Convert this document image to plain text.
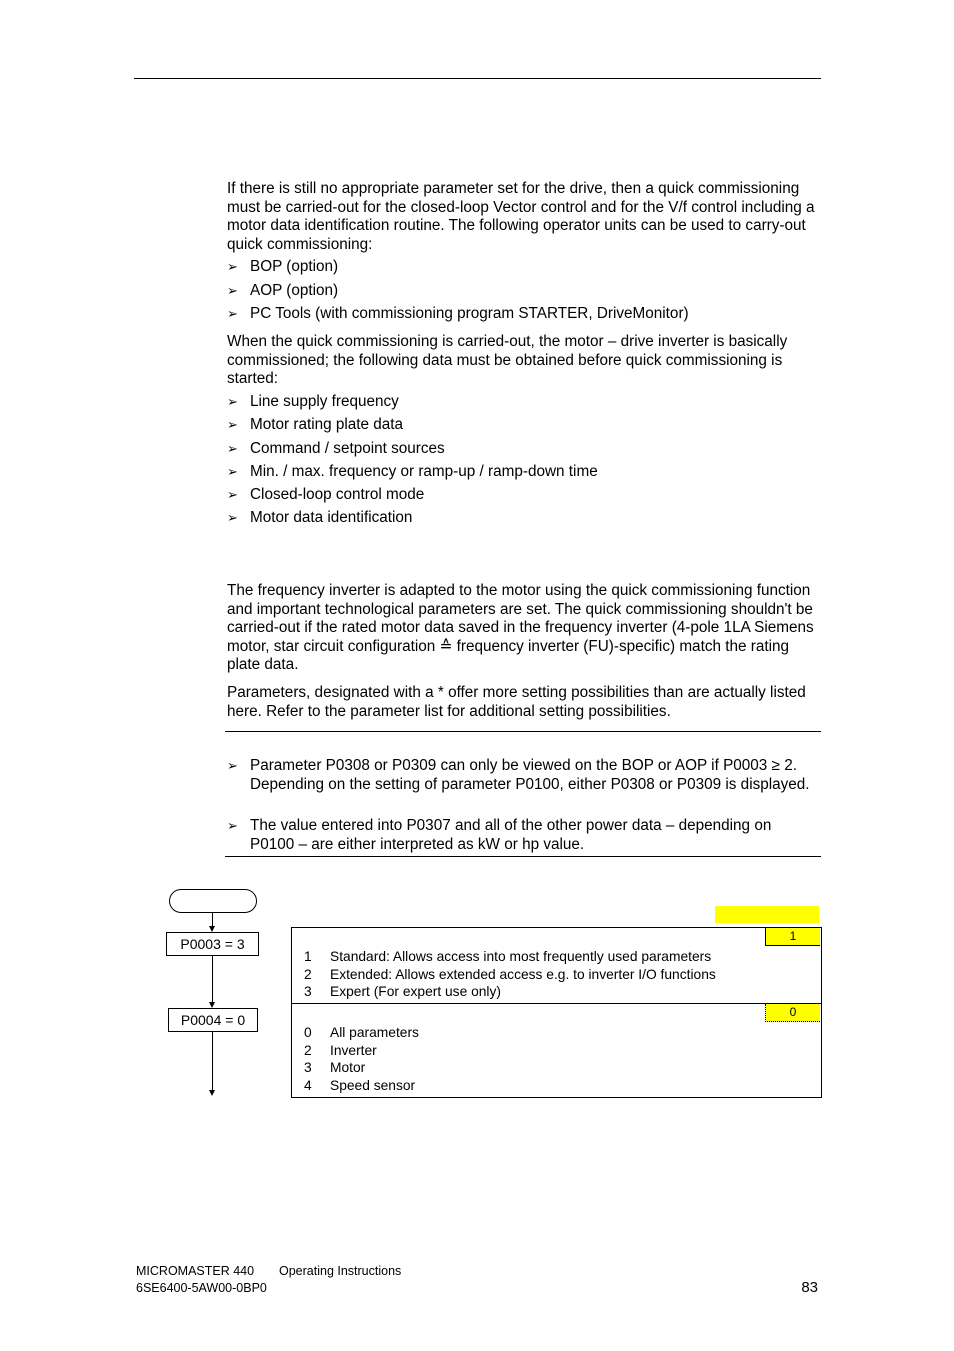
If there is still no appropriate parameter set for the drive, then a quick commissioning must be carried-out for the closed-loop Vector control and for the V/f control including a motor data identification routine. The following operator units can be used to carry-out quick commissioning:
➢ BOP (option)
➢ AOP (option)
➢ PC Tools (with commissioning program STARTER, DriveMonitor)
When the quick commissioning is carried-out, the motor – drive inverter is basically commissioned; the following data must be obtained before quick commissioning is started:
➢ Line supply frequency
➢ Motor rating plate data
➢ Command / setpoint sources
➢ Min. / max. frequency or ramp-up / ramp-down time
➢ Closed-loop control mode
➢ Motor data identification
The frequency inverter is adapted to the motor using the quick commissioning function and important technological parameters are set. The quick commissioning shouldn't be carried-out if the rated motor data saved in the frequency inverter (4-pole 1LA Siemens motor, star circuit configuration ≙ frequency inverter (FU)-specific) match the rating plate data.
Parameters, designated with a * offer more setting possibilities than are actually listed here. Refer to the parameter list for additional setting possibilities.
➢ Parameter P0308 or P0309 can only be viewed on the BOP or AOP if P0003 ≥ 2. Depending on the setting of parameter P0100, either P0308 or P0309 is displayed.
➢ The value entered into P0307 and all of the other power data – depending on P0100 – are either interpreted as kW or hp value.
P0003 = 3
P0004 = 0
1
0
1 Standard: Allows access into most frequently used parameters
2 Extended: Allows extended access e.g. to inverter I/O functions
3 Expert (For expert use only)
0 All parameters
2 Inverter
3 Motor
4 Speed sensor
MICROMASTER 440 Operating Instructions
6SE6400-5AW00-0BP0	83
